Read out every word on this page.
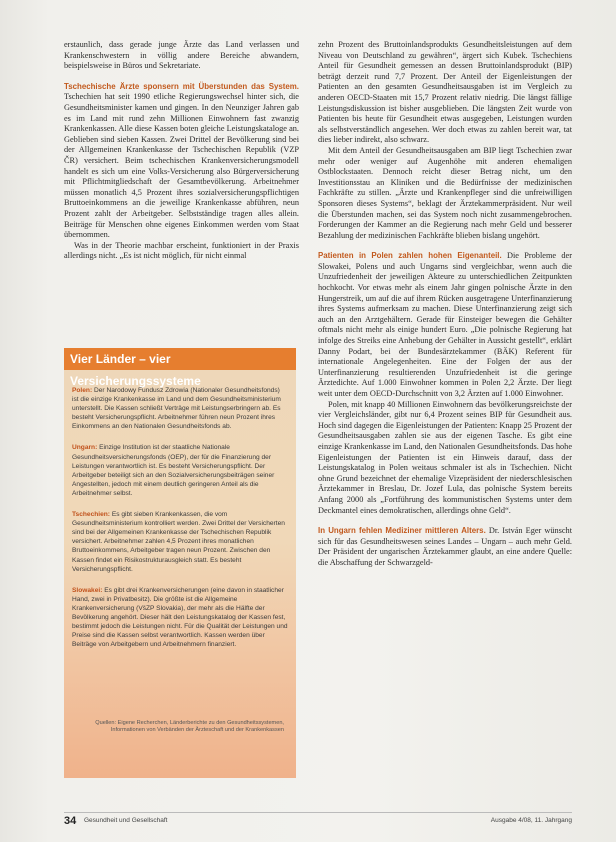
erstaunlich, dass gerade junge Ärzte das Land verlassen und Krankenschwestern in völlig andere Bereiche abwandern, beispielsweise in Büros und Sekretariate.

Tschechische Ärzte sponsern mit Überstunden das System. Tschechien hat seit 1990 etliche Regierungswechsel hinter sich, die Gesundheitsminister kamen und gingen. In den Neunziger Jahren gab es im Land mit rund zehn Millionen Einwohnern fast zwanzig Krankenkassen. Alle diese Kassen boten gleiche Leistungskataloge an. Geblieben sind sieben Kassen. Zwei Drittel der Bevölkerung sind bei der Allgemeinen Krankenkasse der Tschechischen Republik (VZP ČR) versichert. Beim tschechischen Krankenversicherungsmodell handelt es sich um eine Volks-Versicherung also Bürgerversicherung mit Pflichtmitgliedschaft der Gesamtbevölkerung. Arbeitnehmer müssen monatlich 4,5 Prozent ihres sozialversicherungspflichtigen Bruttoeinkommens an die jeweilige Krankenkasse abführen, neun Prozent zahlt der Arbeitgeber. Selbstständige tragen alles allein. Beiträge für Menschen ohne eigenes Einkommen werden vom Staat übernommen.

Was in der Theorie machbar erscheint, funktioniert in der Praxis allerdings nicht. „Es ist nicht möglich, für nicht einmal

Vier Länder – vier Versicherungssysteme

Polen: Der Narodowy Fundusz Zdrowia (Nationaler Gesundheitsfonds) ist die einzige Krankenkasse im Land und dem Gesundheitsministerium unterstellt. Die Kassen schließt Verträge mit Leistungserbringern ab. Es besteht Versicherungspflicht. Arbeitnehmer führen neun Prozent ihres Einkommens an den Nationalen Gesundheitsfonds ab.

Ungarn: Einzige Institution ist der staatliche Nationale Gesundheitsversicherungsfonds (OEP), der für die Finanzierung der Leistungen verantwortlich ist. Es besteht Versicherungspflicht. Der Arbeitgeber beteiligt sich an den Sozialversicherungsbeiträgen seiner Angestellten, jedoch mit einem deutlich geringeren Anteil als die Arbeitnehmer selbst.

Tschechien: Es gibt sieben Krankenkassen, die vom Gesundheitsministerium kontrolliert werden. Zwei Drittel der Versicherten sind bei der Allgemeinen Krankenkasse der Tschechischen Republik versichert. Arbeitnehmer zahlen 4,5 Prozent ihres monatlichen Bruttoeinkommens, Arbeitgeber tragen neun Prozent. Zwischen den Kassen findet ein Risikostrukturausgleich statt. Es besteht Versicherungspflicht.

Slowakei: Es gibt drei Krankenversicherungen (eine davon in staatlicher Hand, zwei in Privatbesitz). Die größte ist die Allgemeine Krankenversicherung (VšZP Slovakia), der mehr als die Hälfte der Bevölkerung angehört. Dieser hält den Leistungskatalog der Kassen fest, bestimmt jedoch die Leistungen nicht. Für die Qualität der Leistungen und Preise sind die Kassen selbst verantwortlich. Kassen werden über Beiträge von Arbeitgebern und Arbeitnehmern finanziert.

Quellen: Eigene Recherchen, Länderberichte zu den Gesundheitssystemen, Informationen von Verbänden der Ärzteschaft und der Krankenkassen

zehn Prozent des Bruttoinlandsprodukts Gesundheitsleistungen auf dem Niveau von Deutschland zu gewähren“, ärgert sich Kubek. Tschechiens Anteil für Gesundheit gemessen an dessen Bruttoinlandsprodukt (BIP) beträgt derzeit rund 7,7 Prozent. Der Anteil der Eigenleistungen der Patienten an den gesamten Gesundheitsausgaben ist im Vergleich zu anderen OECD-Staaten mit 15,7 Prozent relativ niedrig. Die längst fällige Leistungsdiskussion ist bisher ausgeblieben. Die längsten Zeit wurde von Patienten bis heute für Gesundheit etwas ausgegeben, Leistungen wurden als selbstverständlich angesehen. Wer doch etwas zu zahlen bereit war, tat dies lieber indirekt, also schwarz.

Mit dem Anteil der Gesundheitsausgaben am BIP liegt Tschechien zwar mehr oder weniger auf Augenhöhe mit anderen ehemaligen Ostblockstaaten. Dennoch reicht dieser Betrag nicht, um den Investitionsstau an Kliniken und die Bedürfnisse der medizinischen Fachkräfte zu stillen. „Ärzte und Krankenpfleger sind die unfreiwilligen Sponsoren dieses Systems“, beklagt der Ärztekammerpräsident. Nur weil die Überstunden machen, sei das System noch nicht zusammengebrochen. Forderungen der Kammer an die Regierung nach mehr Geld und besserer Bezahlung der medizinischen Fachkräfte blieben bislang ungehört.

Patienten in Polen zahlen hohen Eigenanteil. Die Probleme der Slowakei, Polens und auch Ungarns sind vergleichbar, wenn auch die Unzufriedenheit der jeweiligen Akteure zu unterschiedlichen Zeitpunkten hochkocht. Vor etwas mehr als einem Jahr gingen polnische Ärzte in den Hungerstreik, um auf die auf ihrem Rücken ausgetragene Unterfinanzierung ihres Systems aufmerksam zu machen. Diese Unterfinanzierung zeigt sich auch an den Arztgehältern. Gerade für Einsteiger bewegen die Gehälter oftmals nicht mehr als einige hundert Euro. „Die polnische Regierung hat infolge des Streiks eine Anhebung der Gehälter in Aussicht gestellt“, erklärt Danny Podart, bei der Bundesärztekammer (BÄK) Referent für internationale Angelegenheiten. Eine der Folgen der aus der Unterfinanzierung resultierenden Unzufriedenheit ist die geringe Ärztedichte. Auf 1.000 Einwohner kommen in Polen 2,2 Ärzte. Der liegt weit unter dem OECD-Durchschnitt von 3,2 Ärzten auf 1.000 Einwohner.

Polen, mit knapp 40 Millionen Einwohnern das bevölkerungsreichste der vier Vergleichsländer, gibt nur 6,4 Prozent seines BIP für Gesundheit aus. Hoch sind dagegen die Eigenleistungen der Patienten: Knapp 25 Prozent der Gesundheitsausgaben zahlen sie aus der eigenen Tasche. Es gibt eine einzige Krankenkasse im Land, den Nationalen Gesundheitsfonds. Das hohe Eigenleistungen der Patienten ist ein Hinweis darauf, dass der Leistungskatalog in Polen weitaus schmaler ist als in Tschechien. Nicht ohne Grund bezeichnet der ehemalige Vizepräsident der niederschlesischen Ärztekammer in Breslau, Dr. Jozef Lula, das polnische System bereits Anfang 2000 als „Fortführung des kommunistischen Systems unter dem Deckmantel eines demokratischen, allerdings ohne Geld“.

In Ungarn fehlen Mediziner mittleren Alters. Dr. István Eger wünscht sich für das Gesundheitswesen seines Landes – Ungarn – auch mehr Geld. Der Präsident der ungarischen Ärztekammer glaubt, an eine andere Quelle: die Abschaffung der Schwarzgeld-

34 Gesundheit und Gesellschaft	Ausgabe 4/08, 11. Jahrgang
